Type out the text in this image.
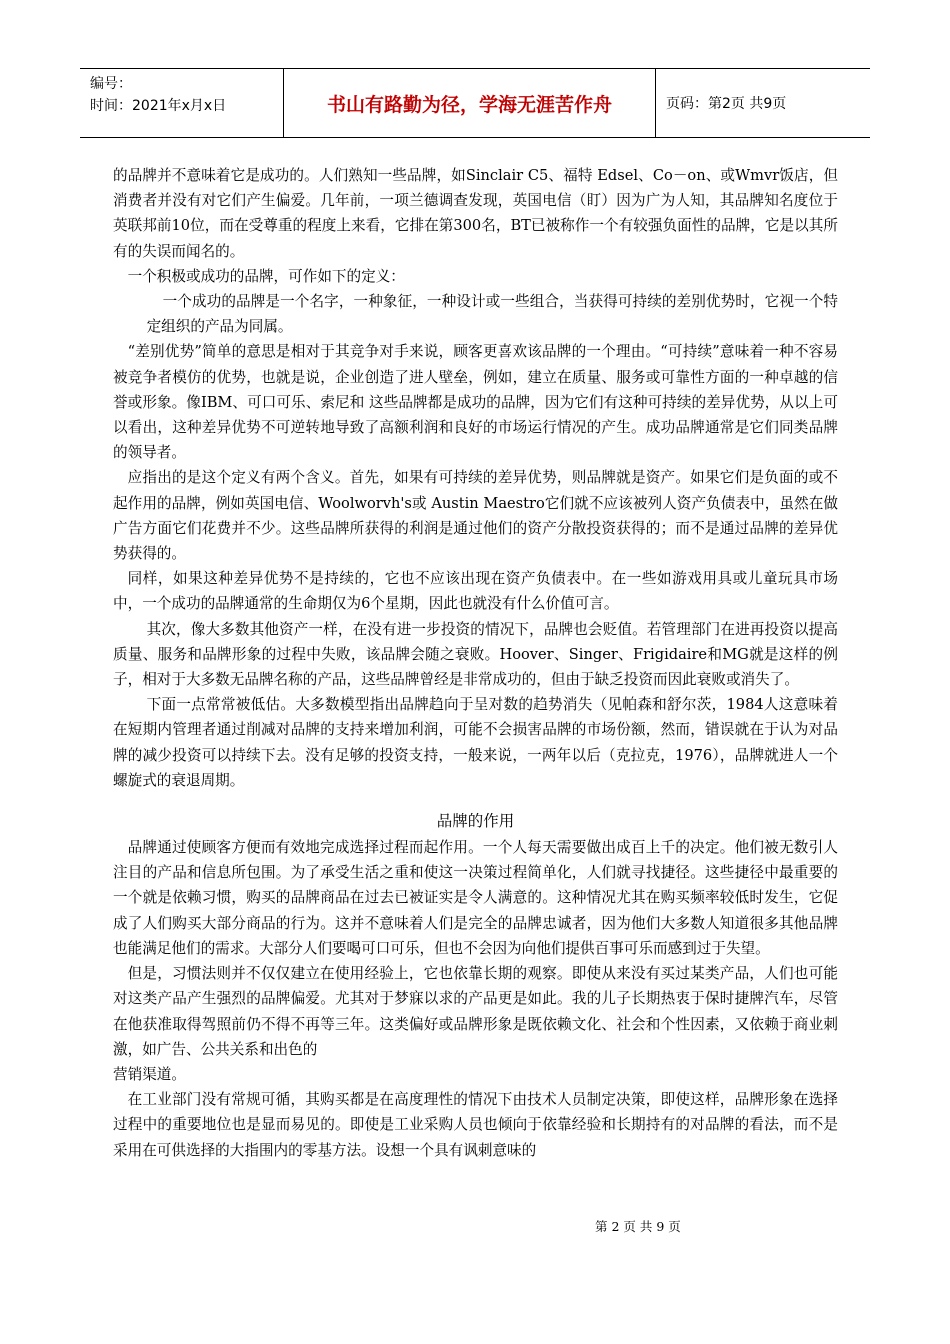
编号：
时间：2021年x月x日	书山有路勤为径，学海无涯苦作舟	页码：第2页 共9页

的品牌并不意味着它是成功的。人们熟知一些品牌，如Sinclair C5、福特 Edsel、Co－on、或Wmvr饭店，但消费者并没有对它们产生偏爱。几年前，一项兰德调查发现，英国电信（盯）因为广为人知，其品牌知名度位于英联邦前10位，而在受尊重的程度上来看，它排在第300名，BT已被称作一个有较强负面性的品牌，它是以其所有的失误而闻名的。

一个积极或成功的品牌，可作如下的定义：

一个成功的品牌是一个名字，一种象征，一种设计或一些组合，当获得可持续的差别优势时，它视一个特定组织的产品为同属。

“差别优势”简单的意思是相对于其竞争对手来说，顾客更喜欢该品牌的一个理由。“可持续”意味着一种不容易被竞争者模仿的优势，也就是说，企业创造了进人壁垒，例如，建立在质量、服务或可靠性方面的一种卓越的信誉或形象。像IBM、可口可乐、索尼和 这些品牌都是成功的品牌，因为它们有这种可持续的差异优势，从以上可以看出，这种差异优势不可逆转地导致了高额利润和良好的市场运行情况的产生。成功品牌通常是它们同类品牌的领导者。

应指出的是这个定义有两个含义。首先，如果有可持续的差异优势，则品牌就是资产。如果它们是负面的或不起作用的品牌，例如英国电信、Woolworvh's或 Austin Maestro它们就不应该被列人资产负债表中，虽然在做广告方面它们花费并不少。这些品牌所获得的利润是通过他们的资产分散投资获得的；而不是通过品牌的差异优势获得的。

同样，如果这种差异优势不是持续的，它也不应该出现在资产负债表中。在一些如游戏用具或儿童玩具市场中，一个成功的品牌通常的生命期仅为6个星期，因此也就没有什么价值可言。

其次，像大多数其他资产一样，在没有进一步投资的情况下，品牌也会贬值。若管理部门在进再投资以提高质量、服务和品牌形象的过程中失败，该品牌会随之衰败。Hoover、Singer、Frigidaire和MG就是这样的例子，相对于大多数无品牌名称的产品，这些品牌曾经是非常成功的，但由于缺乏投资而因此衰败或消失了。

下面一点常常被低估。大多数模型指出品牌趋向于呈对数的趋势消失（见帕森和舒尔茨，1984人这意味着在短期内管理者通过削减对品牌的支持来增加利润，可能不会损害品牌的市场份额，然而，错误就在于认为对品牌的减少投资可以持续下去。没有足够的投资支持，一般来说，一两年以后（克拉克，1976），品牌就进人一个螺旋式的衰退周期。

品牌的作用

品牌通过使顾客方便而有效地完成选择过程而起作用。一个人每天需要做出成百上千的决定。他们被无数引人注目的产品和信息所包围。为了承受生活之重和使这一决策过程简单化，人们就寻找捷径。这些捷径中最重要的一个就是依赖习惯，购买的品牌商品在过去已被证实是令人满意的。这种情况尤其在购买频率较低时发生，它促成了人们购买大部分商品的行为。这并不意味着人们是完全的品牌忠诚者，因为他们大多数人知道很多其他品牌也能满足他们的需求。大部分人们要喝可口可乐，但也不会因为向他们提供百事可乐而感到过于失望。

但是，习惯法则并不仅仅建立在使用经验上，它也依靠长期的观察。即使从来没有买过某类产品，人们也可能对这类产品产生强烈的品牌偏爱。尤其对于梦寐以求的产品更是如此。我的儿子长期热衷于保时捷牌汽车，尽管在他获准取得驾照前仍不得不再等三年。这类偏好或品牌形象是既依赖文化、社会和个性因素，又依赖于商业刺激，如广告、公共关系和出色的

营销渠道。

在工业部门没有常规可循，其购买都是在高度理性的情况下由技术人员制定决策，即使这样，品牌形象在选择过程中的重要地位也是显而易见的。即使是工业采购人员也倾向于依靠经验和长期持有的对品牌的看法，而不是采用在可供选择的大指围内的零基方法。设想一个具有讽刺意味的

第 2 页 共 9 页
